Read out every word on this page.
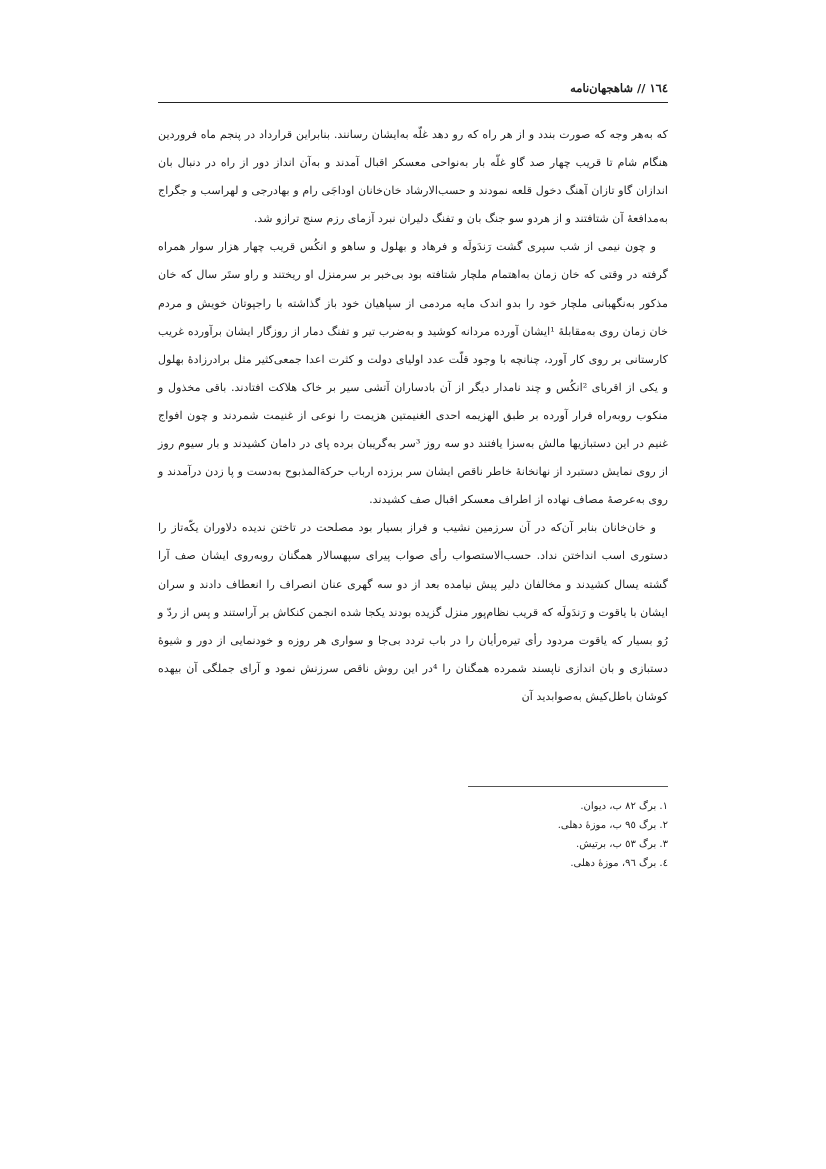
١٦٤ // شاهجهان‌نامه

که به‌هر وجه که صورت بندد و از هر راه که رو دهد غلّه به‌ایشان رسانند. بنابراین قرارداد در پنجم ماه فروردین هنگام شام تا قریب چهار صد گاو غلّه بار به‌نواحی معسکر اقبال آمدند و به‌آن انداز دور از راه در دنبال بان اندازان گاو تازان آهنگ دخول قلعه نمودند و حسب‌الارشاد خان‌خانان اوداجَی رام و بهادرجی و لهراسب و جگراج به‌مدافعهٔ آن شتافتند و از هردو سو جنگ بان و تفنگ دلیران نبرد آزمای رزم سنج ترازو شد.

و چون نیمی از شب سپری گشت رَندَولَه و فرهاد و بهلول و ساهو و انکُس قریب چهار هزار سوار همراه گرفته در وقتی که خان زمان به‌اهتمام ملچار شتافته بود بی‌خبر بر سرمنزل او ریختند و راو ستَر سال که خان مذکور به‌نگهبانی ملچار خود را بدو اندک مایه مردمی از سپاهیان خود باز گذاشته با راجپوتان خویش و مردم خان زمان روی به‌مقابلهٔ ¹ایشان آورده مردانه کوشید و به‌ضرب تیر و تفنگ دمار از روزگار ایشان برآورده غریب کارستانی بر روی کار آورد، چنانچه با وجود قلّت عدد اولیای دولت و کثرت اعدا جمعی‌کثیر مثل برادرزادهٔ بهلول و یکی از اقربای ²انکُس و چند نامدار دیگر از آن بادساران آتشی سیر بر خاک هلاکت افتادند. باقی مخذول و منکوب روبه‌راه فرار آورده بر طبق الهزیمه احدی الغنیمتین هزیمت را نوعی از غنیمت شمردند و چون افواج غنیم در این دستبازیها مالش به‌سزا یافتند دو سه روز ³سر به‌گریبان برده پای در دامان کشیدند و بار سیوم روز از روی نمایش دستبرد از نهانخانهٔ خاطر ناقص ایشان سر برزده ارباب حرکةالمذبوح به‌دست و پا زدن درآمدند و روی به‌عرصهٔ مصاف نهاده از اطراف معسکر اقبال صف کشیدند.

و خان‌خانان بنابر آن‌که در آن سرزمین نشیب و فراز بسیار بود مصلحت در تاختن ندیده دلاوران یکّه‌تاز را دستوری اسب انداختن نداد. حسب‌الاستصواب رأی صواب پیرای سپهسالار همگنان روبه‌روی ایشان صف آرا گشته یسال کشیدند و مخالفان دلیر پیش نیامده بعد از دو سه گهری عنان انصراف را انعطاف دادند و سران ایشان با یاقوت و رَندَولَه که قریب نظام‌پور منزل گزیده بودند یکجا شده انجمن کنکاش بر آراستند و پس از ردّ و رُو بسیار که یاقوت مردود رأی تیره‌رأیان را در باب تردد بی‌جا و سواری هر روزه و خودنمایی از دور و شیوهٔ دستبازی و بان اندازی ناپسند شمرده همگنان را ⁴در این روش ناقص سرزنش نمود و آرای جملگی آن بیهده کوشان باطل‌کیش به‌صوابدید آن

١. برگ ٨٢ ب، دیوان.
٢. برگ ٩٥ ب، موزهٔ دهلی.
٣. برگ ٥٣ ب، برتیش.
٤. برگ ٩٦، موزهٔ دهلی.
